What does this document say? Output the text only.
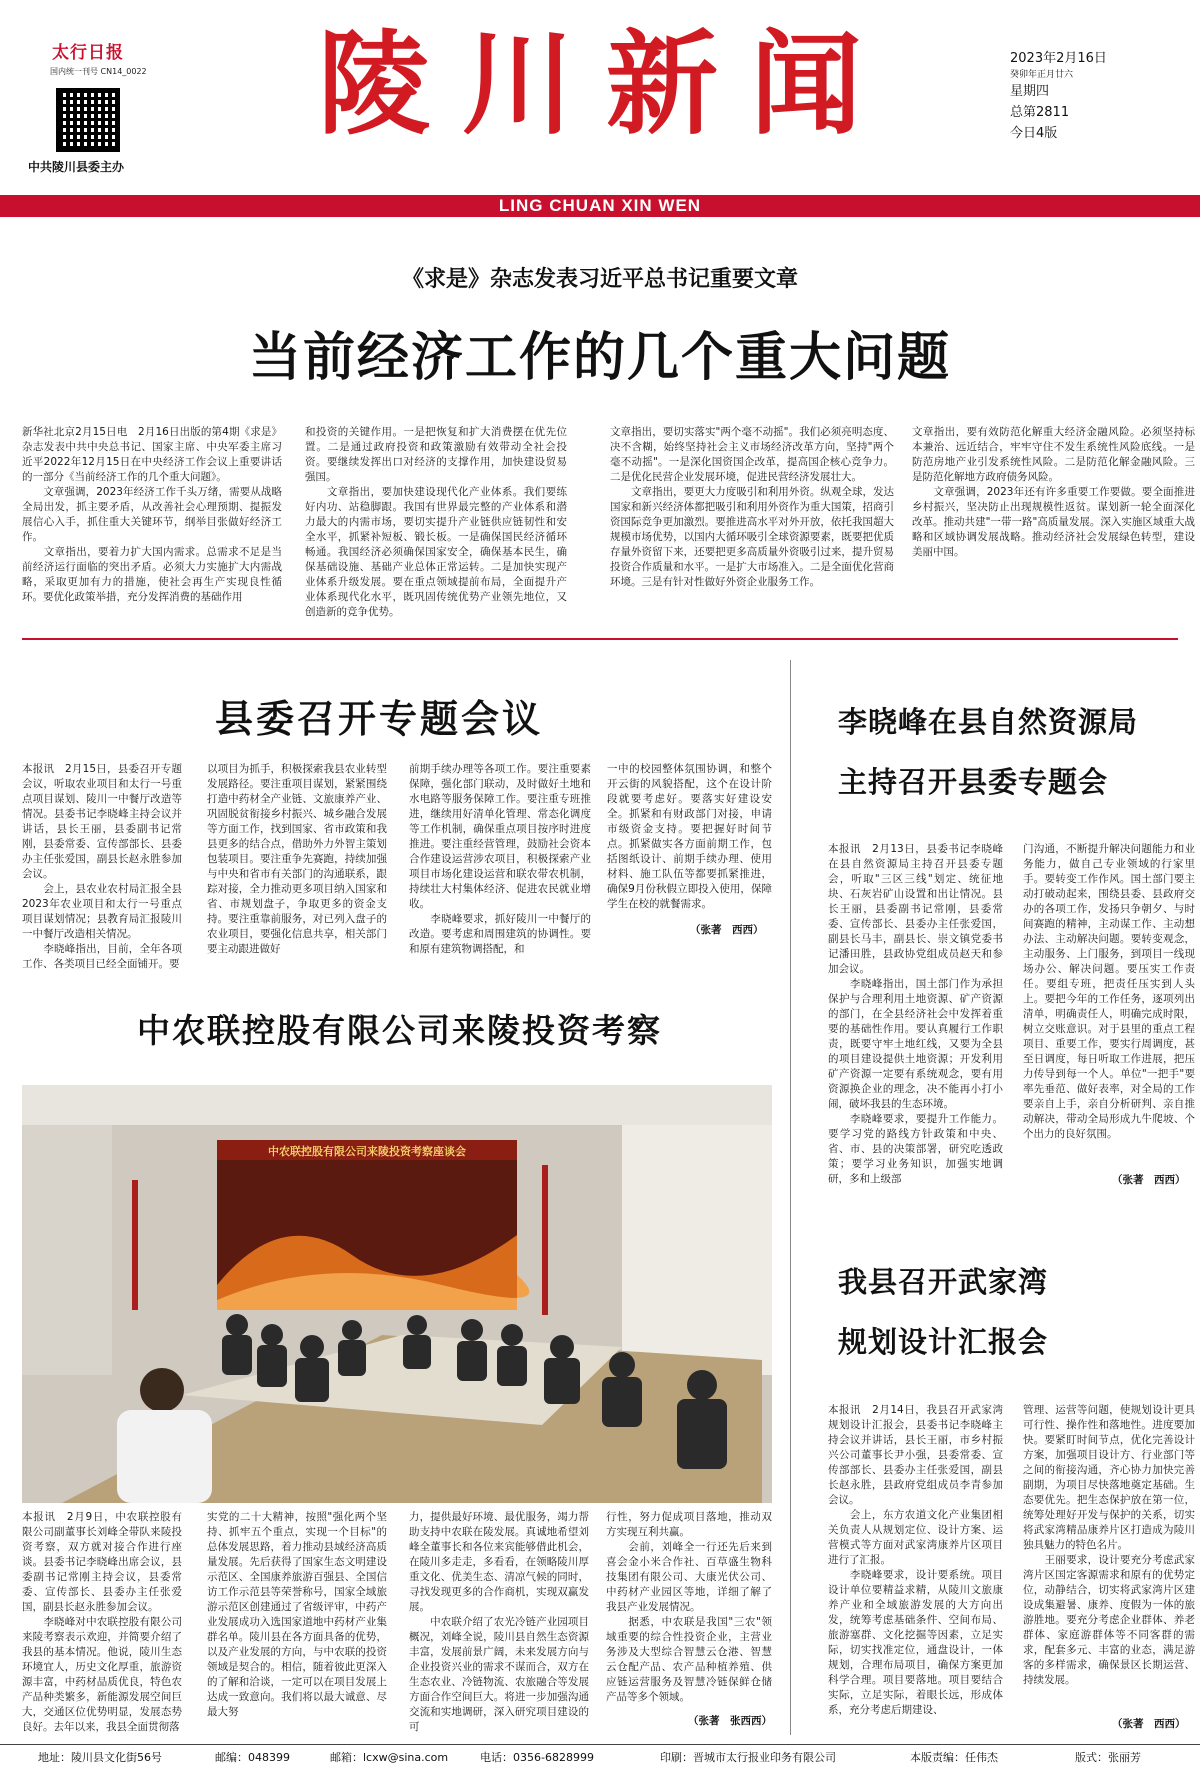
太行日报
国内统一刊号 CN14_0022
中共陵川县委主办
陵川新闻	2023年2月16日
癸卯年正月廿六
星期四
总第2811
今日4版
LING CHUAN XIN WEN
《求是》杂志发表习近平总书记重要文章
当前经济工作的几个重大问题
新华社北京2月15日电　2月16日出版的第4期《求是》杂志发表中共中央总书记、国家主席、中央军委主席习近平2022年12月15日在中央经济工作会议上重要讲话的一部分《当前经济工作的几个重大问题》。
　　文章强调，2023年经济工作千头万绪，需要从战略全局出发，抓主要矛盾，从改善社会心理预期、提振发展信心入手，抓住重大关键环节，纲举目张做好经济工作。
　　文章指出，要着力扩大国内需求。总需求不足是当前经济运行面临的突出矛盾。必须大力实施扩大内需战略，采取更加有力的措施，使社会再生产实现良性循环。要优化政策举措，充分发挥消费的基础作用
和投资的关键作用。一是把恢复和扩大消费摆在优先位置。二是通过政府投资和政策激励有效带动全社会投资。要继续发挥出口对经济的支撑作用，加快建设贸易强国。
　　文章指出，要加快建设现代化产业体系。我们要练好内功、站稳脚跟。我国有世界最完整的产业体系和潜力最大的内需市场，要切实提升产业链供应链韧性和安全水平，抓紧补短板、锻长板。一是确保国民经济循环畅通。我国经济必须确保国家安全，确保基本民生，确保基础设施、基础产业总体正常运转。二是加快实现产业体系升级发展。要在重点领域提前布局，全面提升产业体系现代化水平，既巩固传统优势产业领先地位，又创造新的竞争优势。
文章指出，要切实落实"两个毫不动摇"。我们必须亮明态度、决不含糊，始终坚持社会主义市场经济改革方向，坚持"两个毫不动摇"。一是深化国资国企改革，提高国企核心竞争力。二是优化民营企业发展环境，促进民营经济发展壮大。
　　文章指出，要更大力度吸引和利用外资。纵观全球，发达国家和新兴经济体都把吸引和利用外资作为重大国策，招商引资国际竞争更加激烈。要推进高水平对外开放，依托我国超大规模市场优势，以国内大循环吸引全球资源要素，既要把优质存量外资留下来，还要把更多高质量外资吸引过来，提升贸易投资合作质量和水平。一是扩大市场准入。二是全面优化营商环境。三是有针对性做好外资企业服务工作。
文章指出，要有效防范化解重大经济金融风险。必须坚持标本兼治、远近结合，牢牢守住不发生系统性风险底线。一是防范房地产业引发系统性风险。二是防范化解金融风险。三是防范化解地方政府债务风险。
　　文章强调，2023年还有许多重要工作要做。要全面推进乡村振兴，坚决防止出现规模性返贫。谋划新一轮全面深化改革。推动共建"一带一路"高质量发展。深入实施区域重大战略和区域协调发展战略。推动经济社会发展绿色转型，建设美丽中国。
县委召开专题会议
本报讯　2月15日，县委召开专题会议，听取农业项目和太行一号重点项目谋划、陵川一中餐厅改造等情况。县委书记李晓峰主持会议并讲话，县长王丽，县委副书记常刚，县委常委、宣传部部长、县委办主任张爱国，副县长赵永胜参加会议。
　　会上，县农业农村局汇报全县2023年农业项目和太行一号重点项目谋划情况；县教育局汇报陵川一中餐厅改造相关情况。
　　李晓峰指出，目前，全年各项工作、各类项目已经全面铺开。要
以项目为抓手，积极探索我县农业转型发展路径。要注重项目谋划，紧紧围绕打造中药材全产业链、文旅康养产业、巩固脱贫衔接乡村振兴、城乡融合发展等方面工作，找到国家、省市政策和我县更多的结合点，借助外力外智主策划包装项目。要注重争先赛跑，持续加强与中央和省市有关部门的沟通联系，跟踪对接，全力推动更多项目纳入国家和省、市规划盘子，争取更多的资金支持。要注重靠前服务，对已列入盘子的农业项目，要强化信息共享，相关部门要主动跟进做好
前期手续办理等各项工作。要注重要素保障，强化部门联动，及时做好土地和水电路等服务保障工作。要注重专班推进，继续用好清单化管理、常态化调度等工作机制，确保重点项目按序时进度推进。要注重经营管理，鼓励社会资本合作建设运营涉农项目，积极探索产业项目市场化建设运营和联农带农机制，持续壮大村集体经济、促进农民就业增收。
　　李晓峰要求，抓好陵川一中餐厅的改造。要考虑和周围建筑的协调性。要和原有建筑物调搭配，和
一中的校园整体氛围协调，和整个开云街的风貌搭配，这个在设计阶段就要考虑好。要落实好建设安全。抓紧和有财政部门对接，申请市级资金支持。要把握好时间节点。抓紧做实各方面前期工作，包括图纸设计、前期手续办理、使用材料、施工队伍等都要抓紧推进，确保9月份秋假立即投入使用，保障学生在校的就餐需求。
（张著　西西）
中农联控股有限公司来陵投资考察
中农联控股有限公司来陵投资考察座谈会
本报讯　2月9日，中农联控股有限公司副董事长刘峰全带队来陵投资考察，双方就对接合作进行座谈。县委书记李晓峰出席会议，县委副书记常刚主持会议，县委常委、宣传部长、县委办主任张爱国，副县长赵永胜参加会议。
　　李晓峰对中农联控股有限公司来陵考察表示欢迎，并简要介绍了我县的基本情况。他说，陵川生态环境宜人，历史文化厚重，旅游资源丰富，中药材品质优良，特色农产品种类繁多，新能源发展空间巨大，交通区位优势明显，发展态势良好。去年以来，我县全面贯彻落
实党的二十大精神，按照"强化两个坚持、抓牢五个重点，实现一个目标"的总体发展思路，着力推动县域经济高质量发展。先后获得了国家生态文明建设示范区、全国康养旅游百强县、全国信访工作示范县等荣誉称号，国家全域旅游示范区创建通过了省级评审，中药产业发展成功入选国家道地中药材产业集群名单。陵川县在各方面具备的优势，以及产业发展的方向，与中农联的投资领域是契合的。相信，随着彼此更深入的了解和洽谈，一定可以在项目发展上达成一致意向。我们将以最大诚意、尽最大努
力，提供最好环境、最优服务，竭力帮助支持中农联在陵发展。真诚地希望刘峰全董事长和各位来宾能够借此机会，在陵川多走走，多看看，在领略陵川厚重文化、优美生态、清凉气候的同时，寻找发现更多的合作商机，实现双赢发展。
　　中农联介绍了农光冷链产业园项目概况，刘峰全说，陵川县自然生态资源丰富，发展前景广阔，未来发展方向与企业投资兴业的需求不谋而合，双方在生态农业、冷链物流、农旅融合等发展方面合作空间巨大。将进一步加强沟通交流和实地调研，深入研究项目建设的可
行性，努力促成项目落地，推动双方实现互利共赢。
　　会前，刘峰全一行还先后来到喜会金小米合作社、百草盛生物科技集团有限公司、大康光伏公司、中药材产业园区等地，详细了解了我县产业发展情况。
　　据悉，中农联是我国"三农"领域重要的综合性投资企业，主营业务涉及大型综合智慧云仓港、智慧云仓配产品、农产品种植养殖、供应链运营服务及智慧冷链保鲜仓储产品等多个领域。
（张著　张西西）
李晓峰在县自然资源局
主持召开县委专题会
本报讯　2月13日，县委书记李晓峰在县自然资源局主持召开县委专题会，听取"三区三线"划定、统征地块、石灰岩矿山设置和出让情况。县长王丽，县委副书记常刚，县委常委、宣传部长、县委办主任张爱国，副县长马丰，副县长、崇文镇党委书记潘田胜，县政协党组成员赵天和参加会议。
　　李晓峰指出，国土部门作为承担保护与合理利用土地资源、矿产资源的部门，在全县经济社会中发挥着重要的基础性作用。要认真履行工作职责，既要守牢土地红线，又要为全县的项目建设提供土地资源；开发利用矿产资源一定要有系统观念，要有用资源换企业的理念，决不能再小打小闹，破坏我县的生态环境。
　　李晓峰要求，要提升工作能力。要学习党的路线方针政策和中央、省、市、县的决策部署，研究吃透政策；要学习业务知识，加强实地调研，多和上级部
门沟通，不断提升解决问题能力和业务能力，做自己专业领域的行家里手。要转变工作作风。国土部门要主动打破动起来，围绕县委、县政府交办的各项工作，发扬只争朝夕、与时间赛跑的精神，主动谋工作、主动想办法、主动解决问题。要转变观念，主动服务、上门服务，到项目一线现场办公、解决问题。要压实工作责任。要组专班，把责任压实到人头上。要把今年的工作任务，逐项列出清单，明确责任人，明确完成时限，树立交账意识。对于县里的重点工程项目、重要工作，要实行周调度，甚至日调度，每日听取工作进展，把压力传导到每一个人。单位"一把手"要率先垂范、做好表率，对全局的工作要亲自上手，亲自分析研判、亲自推动解决，带动全局形成九牛爬坡、个个出力的良好氛围。
（张著　西西）
我县召开武家湾
规划设计汇报会
本报讯　2月14日，我县召开武家湾规划设计汇报会，县委书记李晓峰主持会议并讲话，县长王丽，市乡村振兴公司董事长尹小强，县委常委、宣传部部长、县委办主任张爱国，副县长赵永胜，县政府党组成员李青参加会议。
　　会上，东方农道文化产业集团相关负责人从规划定位、设计方案、运营模式等方面对武家湾康养片区项目进行了汇报。
　　李晓峰要求，设计要系统。项目设计单位要精益求精，从陵川文旅康养产业和全域旅游发展的大方向出发，统筹考虑基础条件、空间布局、旅游塞群、文化挖掘等因素，立足实际，切实找准定位，通盘设计，一体规划，合理布局项目，确保方案更加科学合理。项目要落地。项目要结合实际，立足实际，着眼长远，形成体系，充分考虑后期建设、
管理、运营等问题，使规划设计更具可行性、操作性和落地性。进度要加快。要紧盯时间节点，优化完善设计方案，加强项目设计方、行业部门等之间的衔接沟通，齐心协力加快完善副期，为项目尽快落地奠定基础。生态要优先。把生态保护放在第一位，统筹处理好开发与保护的关系，切实将武家湾精品康养片区打造成为陵川独具魅力的特色名片。
　　王丽要求，设计要充分考虑武家湾片区国定客源需求和原有的优势定位，动静结合，切实将武家湾片区建设成集避暑、康养、度假为一体的旅游胜地。要充分考虑企业群体、养老群体、家庭游群体等不同客群的需求，配套多元、丰富的业态，满足游客的多样需求，确保景区长期运营、持续发展。
（张著　西西）
地址：陵川县文化街56号	邮编：048399	邮箱：lcxw@sina.com	电话：0356-6828999	印刷：晋城市太行报业印务有限公司	本版责编：任伟杰	版式：张丽芳
